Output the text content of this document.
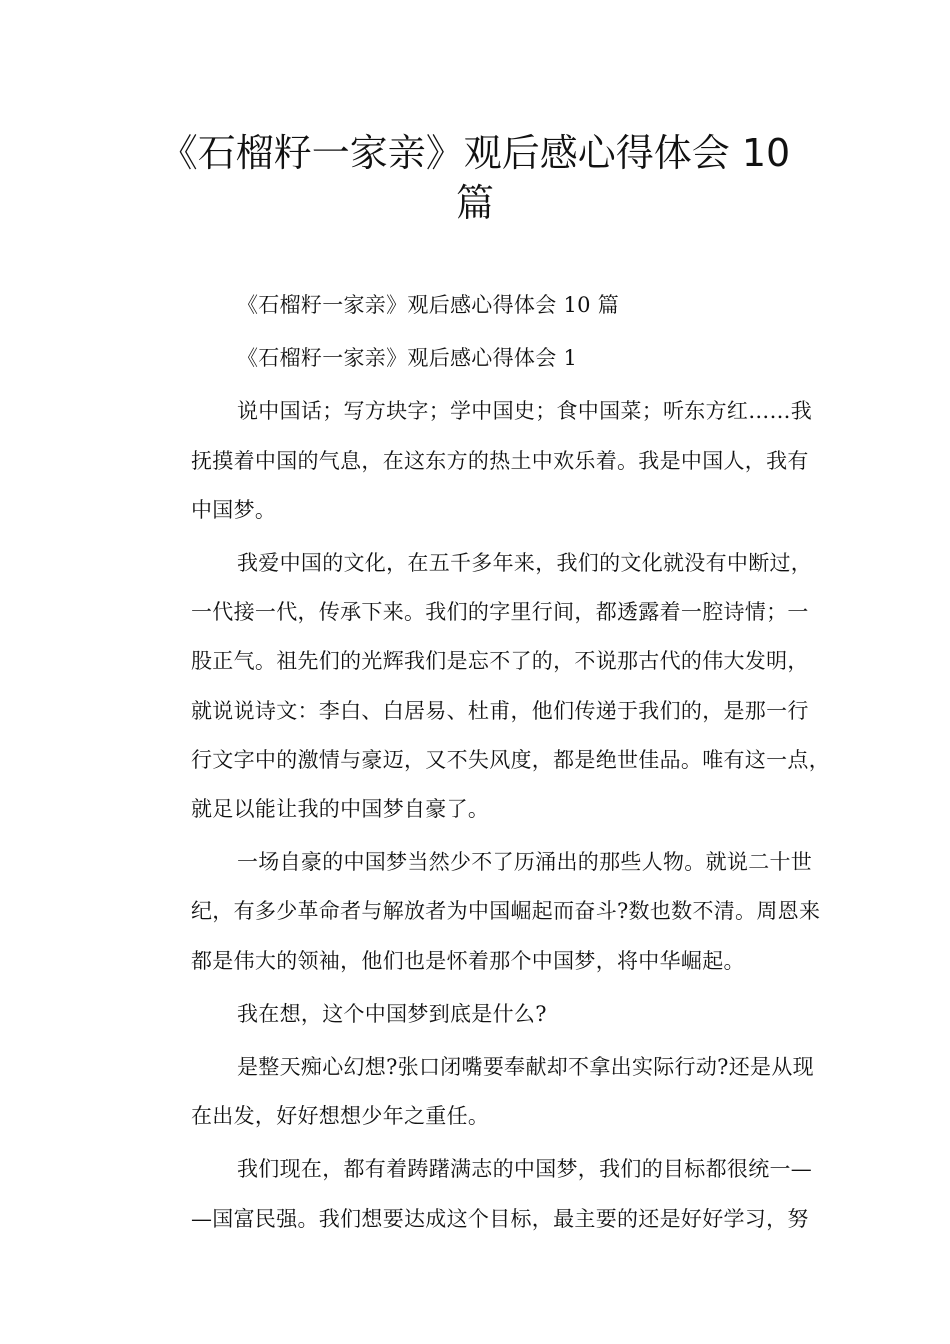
《石榴籽一家亲》观后感心得体会 10
篇
《石榴籽一家亲》观后感心得体会 10 篇
《石榴籽一家亲》观后感心得体会 1
说中国话；写方块字；学中国史；食中国菜；听东方红……我
抚摸着中国的气息，在这东方的热土中欢乐着。我是中国人，我有
中国梦。
我爱中国的文化，在五千多年来，我们的文化就没有中断过，
一代接一代，传承下来。我们的字里行间，都透露着一腔诗情；一
股正气。祖先们的光辉我们是忘不了的，不说那古代的伟大发明，
就说说诗文：李白、白居易、杜甫，他们传递于我们的，是那一行
行文字中的激情与豪迈，又不失风度，都是绝世佳品。唯有这一点，
就足以能让我的中国梦自豪了。
一场自豪的中国梦当然少不了历涌出的那些人物。就说二十世
纪，有多少革命者与解放者为中国崛起而奋斗?数也数不清。周恩来
都是伟大的领袖，他们也是怀着那个中国梦，将中华崛起。
我在想，这个中国梦到底是什么?
是整天痴心幻想?张口闭嘴要奉献却不拿出实际行动?还是从现
在出发，好好想想少年之重任。
我们现在，都有着踌躇满志的中国梦，我们的目标都很统一—
—国富民强。我们想要达成这个目标，最主要的还是好好学习，努
